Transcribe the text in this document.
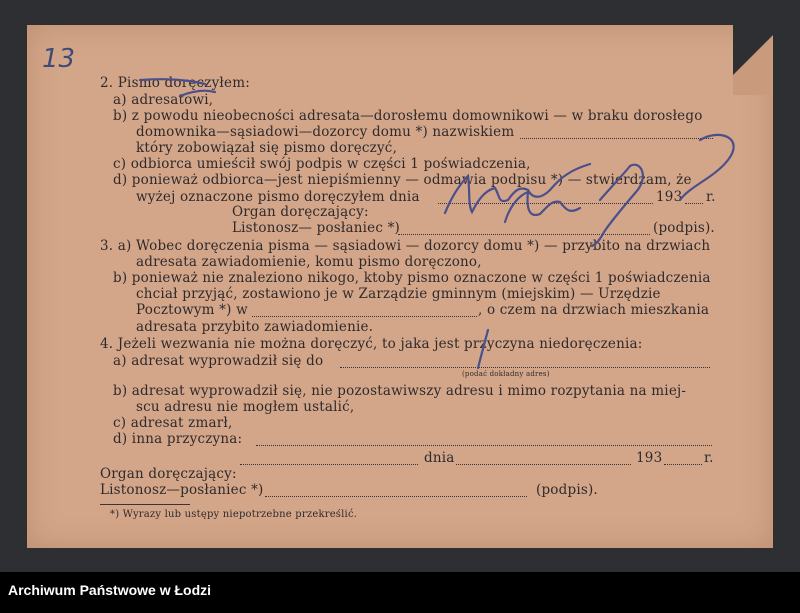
13
2. Pismo doręczyłem:
a) adresatowi,
b) z powodu nieobecności adresata—dorosłemu domownikowi — w braku dorosłego
domownika—sąsiadowi—dozorcy domu *) nazwiskiem
który zobowiązał się pismo doręczyć,
c) odbiorca umieścił swój podpis w części 1 poświadczenia,
d) ponieważ odbiorca—jest niepiśmienny — odmawia podpisu *) — stwierdzam, że
wyżej oznaczone pismo doręczyłem dnia	193 r.
Organ doręczający:
Listonosz— posłaniec *)	(podpis).
3. a) Wobec doręczenia pisma — sąsiadowi — dozorcy domu *) — przybito na drzwiach
adresata zawiadomienie, komu pismo doręczono,
b) ponieważ nie znaleziono nikogo, ktoby pismo oznaczone w części 1 poświadczenia
chciał przyjąć, zostawiono je w Zarządzie gminnym (miejskim) — Urzędzie
Pocztowym *) w	, o czem na drzwiach mieszkania
adresata przybito zawiadomienie.
4. Jeżeli wezwania nie można doręczyć, to jaka jest przyczyna niedoręczenia:
a) adresat wyprowadził się do
(podać dokładny adres)
b) adresat wyprowadził się, nie pozostawiwszy adresu i mimo rozpytania na miej-
scu adresu nie mogłem ustalić,
c) adresat zmarł,
d) inna przyczyna:
dnia	193	r.
Organ doręczający:
Listonosz—posłaniec *)	(podpis).
*) Wyrazy lub ustępy niepotrzebne przekreślić.
Archiwum Państwowe w Łodzi
